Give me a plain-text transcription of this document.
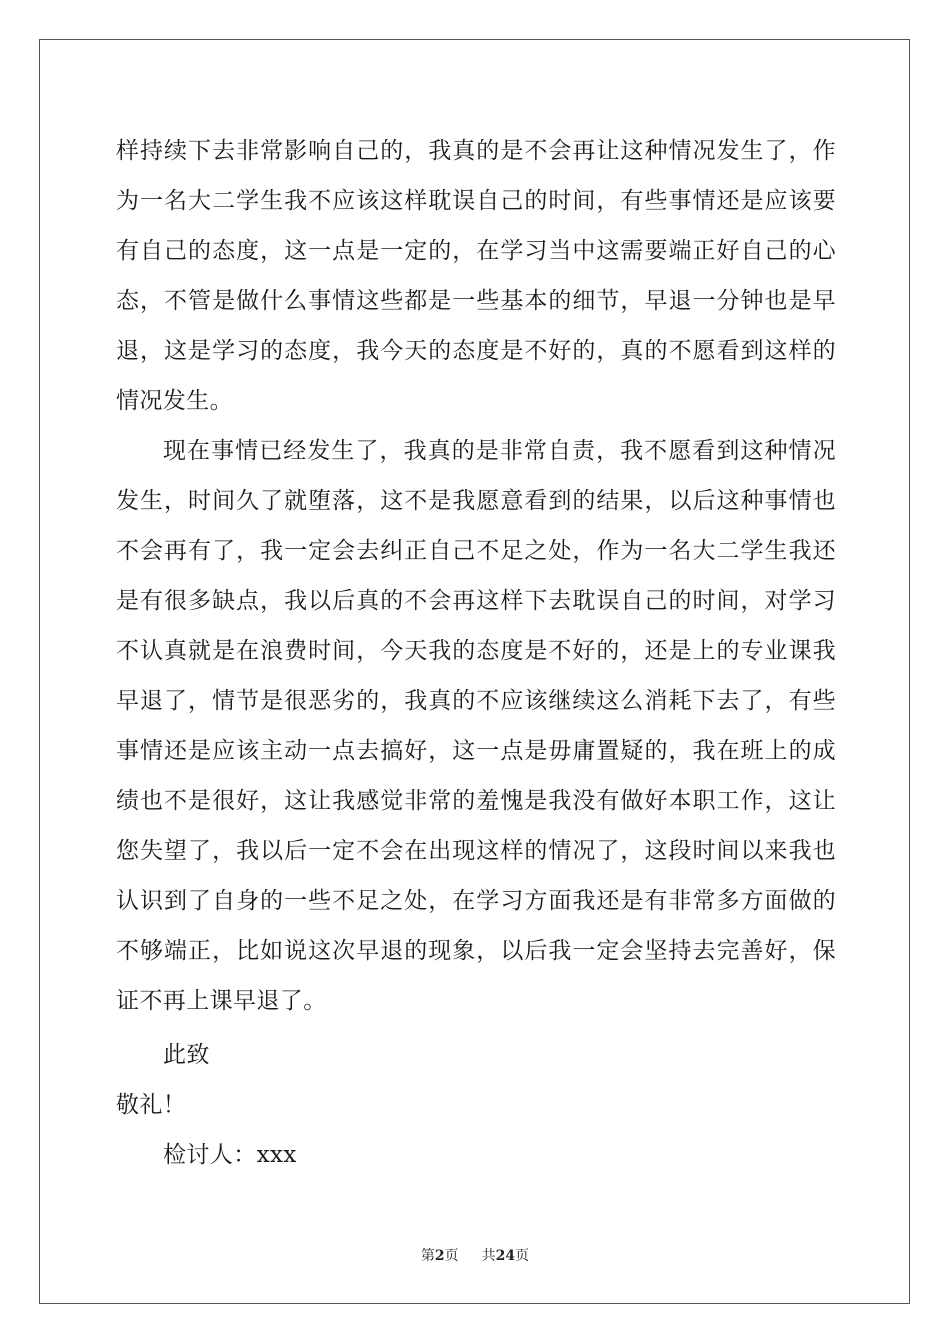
样持续下去非常影响自己的，我真的是不会再让这种情况发生了，作
为一名大二学生我不应该这样耽误自己的时间，有些事情还是应该要
有自己的态度，这一点是一定的，在学习当中这需要端正好自己的心
态，不管是做什么事情这些都是一些基本的细节，早退一分钟也是早
退，这是学习的态度，我今天的态度是不好的，真的不愿看到这样的
情况发生。
现在事情已经发生了，我真的是非常自责，我不愿看到这种情况
发生，时间久了就堕落，这不是我愿意看到的结果，以后这种事情也
不会再有了，我一定会去纠正自己不足之处，作为一名大二学生我还
是有很多缺点，我以后真的不会再这样下去耽误自己的时间，对学习
不认真就是在浪费时间，今天我的态度是不好的，还是上的专业课我
早退了，情节是很恶劣的，我真的不应该继续这么消耗下去了，有些
事情还是应该主动一点去搞好，这一点是毋庸置疑的，我在班上的成
绩也不是很好，这让我感觉非常的羞愧是我没有做好本职工作，这让
您失望了，我以后一定不会在出现这样的情况了，这段时间以来我也
认识到了自身的一些不足之处，在学习方面我还是有非常多方面做的
不够端正，比如说这次早退的现象，以后我一定会坚持去完善好，保
证不再上课早退了。
此致
敬礼！
检讨人：xxx
第2页 共24页
